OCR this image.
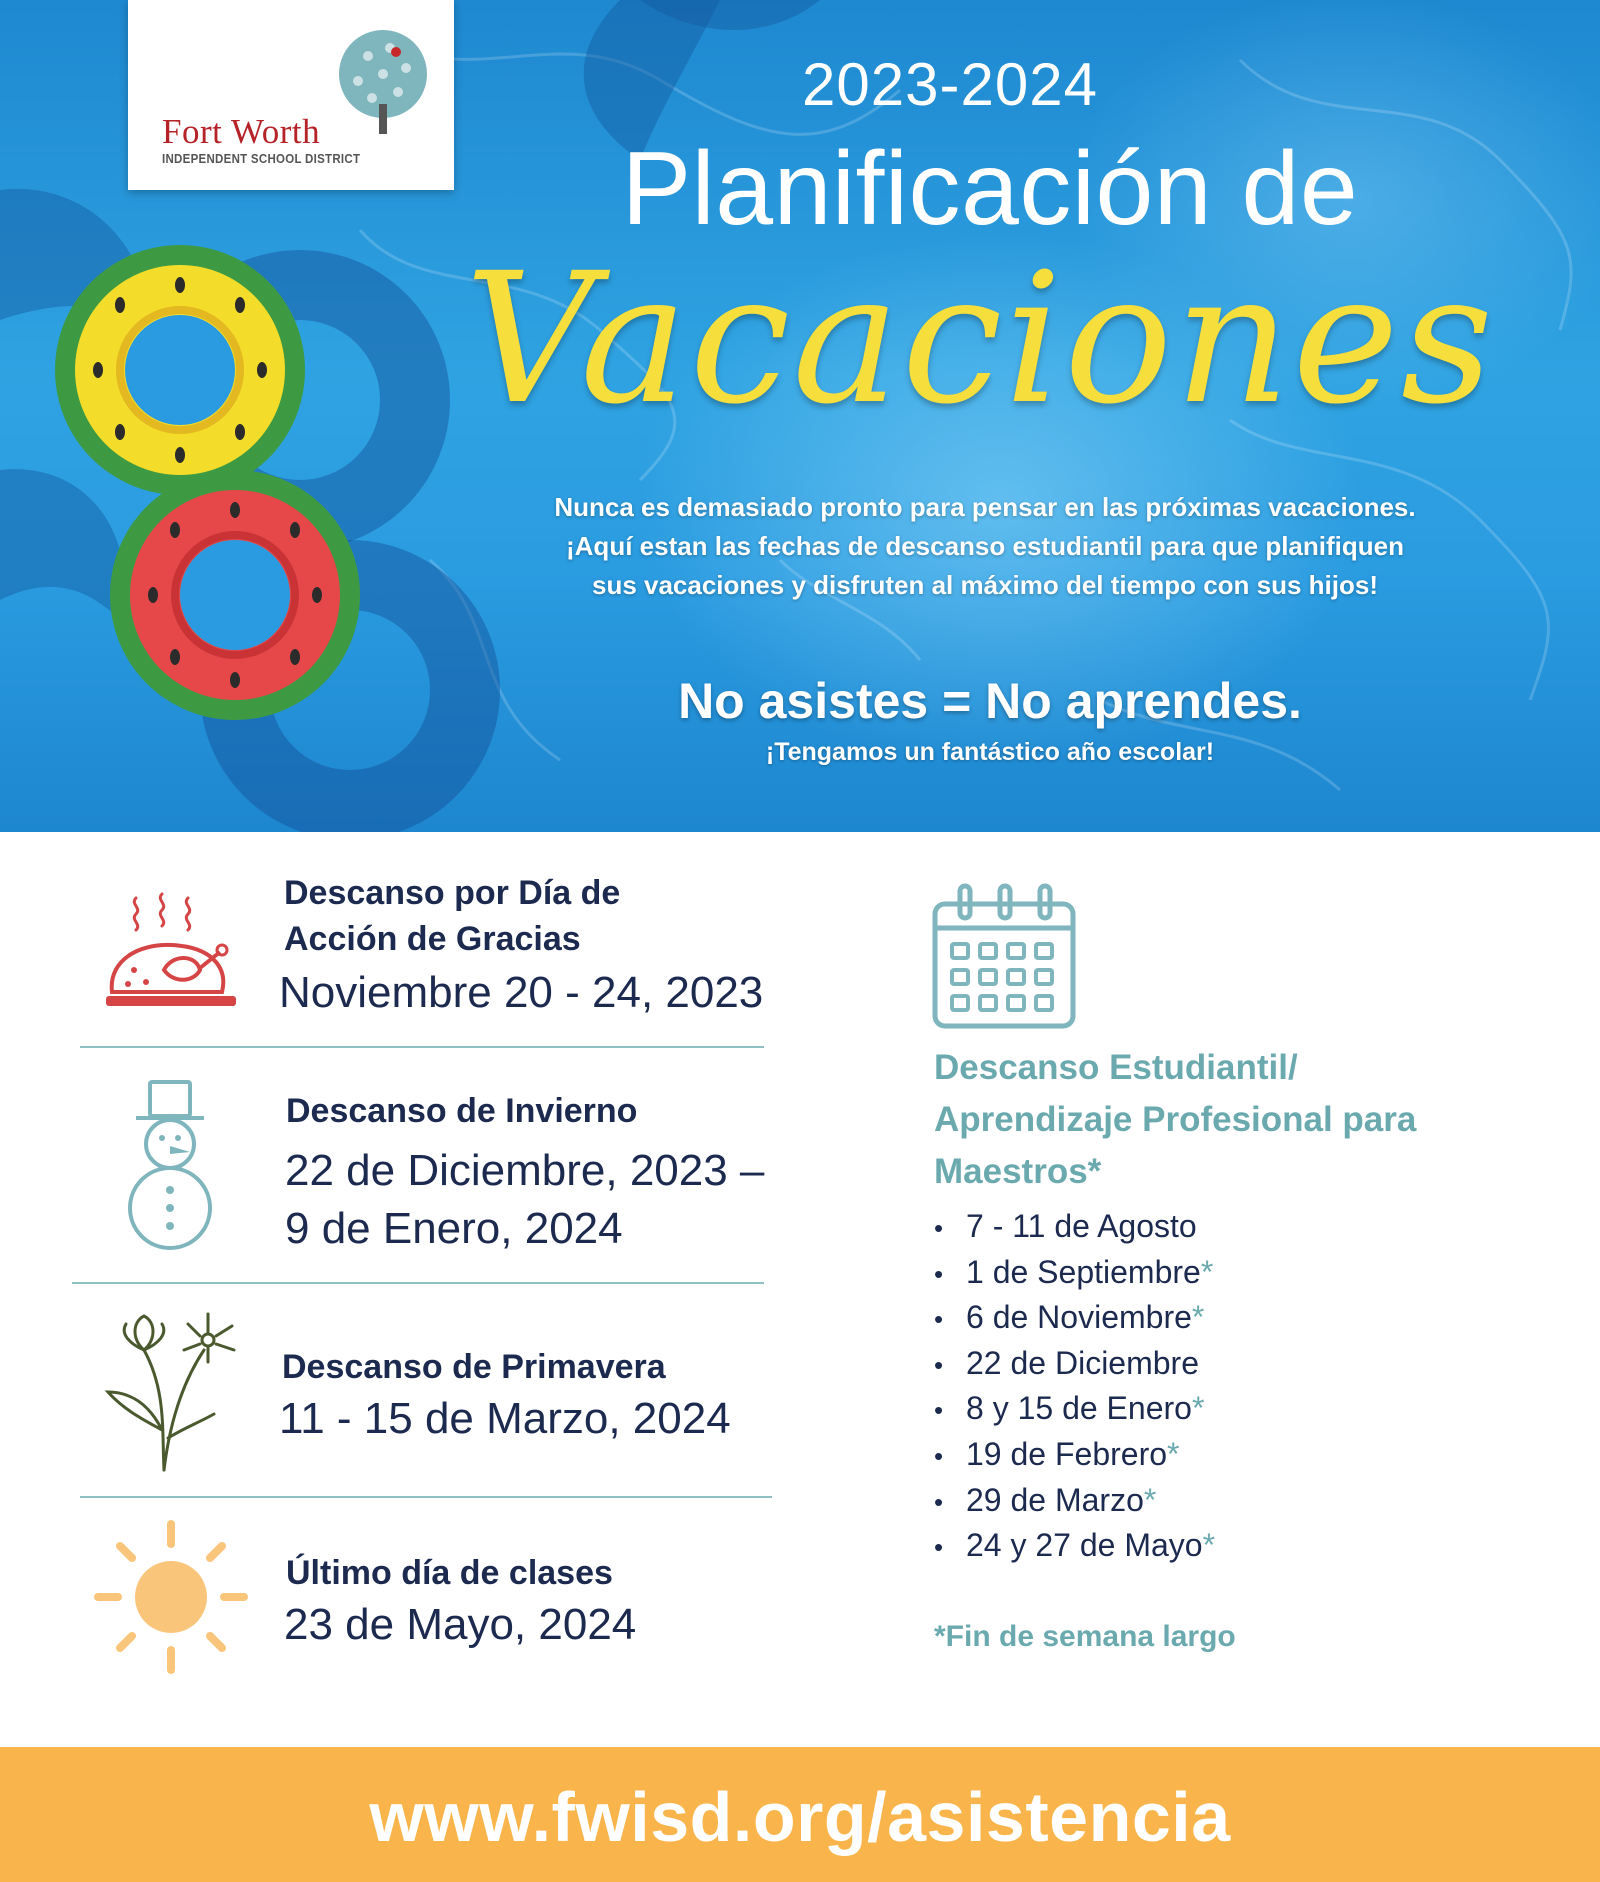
Fort Worth
INDEPENDENT SCHOOL DISTRICT
2023-2024
Planificación de
Vacaciones
Nunca es demasiado pronto para pensar en las próximas vacaciones.
¡Aquí estan las fechas de descanso estudiantil para que planifiquen
sus vacaciones y disfruten al máximo del tiempo con sus hijos!
No asistes = No aprendes.
¡Tengamos un fantástico año escolar!
Descanso por Día de
Acción de Gracias
Noviembre 20 - 24, 2023
Descanso de Invierno
22 de Diciembre, 2023 –
9 de Enero, 2024
Descanso de Primavera
11 - 15 de Marzo, 2024
Último día de clases
23 de Mayo, 2024
Descanso Estudiantil/
Aprendizaje Profesional para
Maestros*
• 7 - 11 de Agosto
• 1 de Septiembre*
• 6 de Noviembre*
• 22 de Diciembre
• 8 y 15 de Enero*
• 19 de Febrero*
• 29 de Marzo*
• 24 y 27 de Mayo*
*Fin de semana largo
www.fwisd.org/asistencia
